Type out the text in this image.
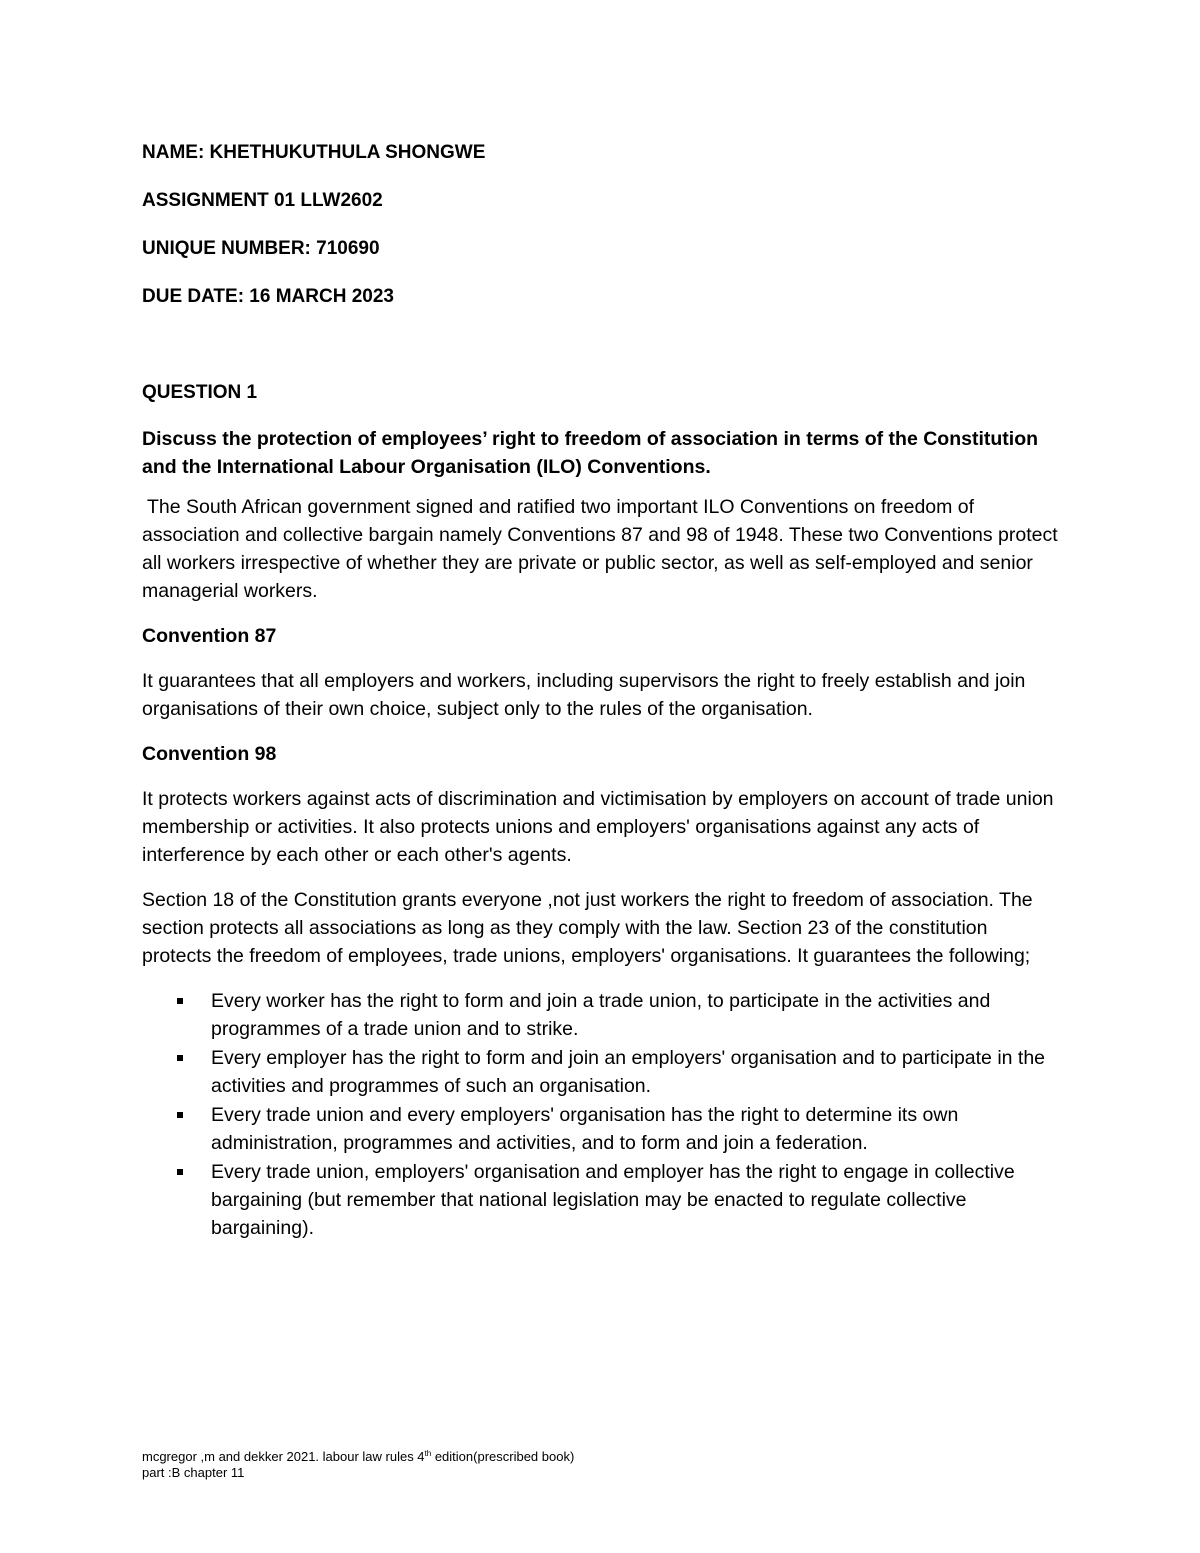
NAME: KHETHUKUTHULA SHONGWE

ASSIGNMENT 01 LLW2602

UNIQUE NUMBER: 710690

DUE DATE: 16 MARCH 2023

QUESTION 1

Discuss the protection of employees’ right to freedom of association in terms of the Constitution and the International Labour Organisation (ILO) Conventions.

The South African government signed and ratified two important ILO Conventions on freedom of association and collective bargain namely Conventions 87 and 98 of 1948. These two Conventions protect all workers irrespective of whether they are private or public sector, as well as self-employed and senior managerial workers.

Convention 87

It guarantees that all employers and workers, including supervisors the right to freely establish and join organisations of their own choice, subject only to the rules of the organisation.

Convention 98

It protects workers against acts of discrimination and victimisation by employers on account of trade union membership or activities. It also protects unions and employers' organisations against any acts of interference by each other or each other's agents.

Section 18 of the Constitution grants everyone ,not just workers the right to freedom of association. The section protects all associations as long as they comply with the law. Section 23 of the constitution protects the freedom of employees, trade unions, employers' organisations. It guarantees the following;

Every worker has the right to form and join a trade union, to participate in the activities and programmes of a trade union and to strike.
Every employer has the right to form and join an employers' organisation and to participate in the activities and programmes of such an organisation.
Every trade union and every employers' organisation has the right to determine its own administration, programmes and activities, and to form and join a federation.
Every trade union, employers' organisation and employer has the right to engage in collective bargaining (but remember that national legislation may be enacted to regulate collective bargaining).
mcgregor ,m and dekker 2021. labour law rules 4th edition(prescribed book)
part :B chapter 11
